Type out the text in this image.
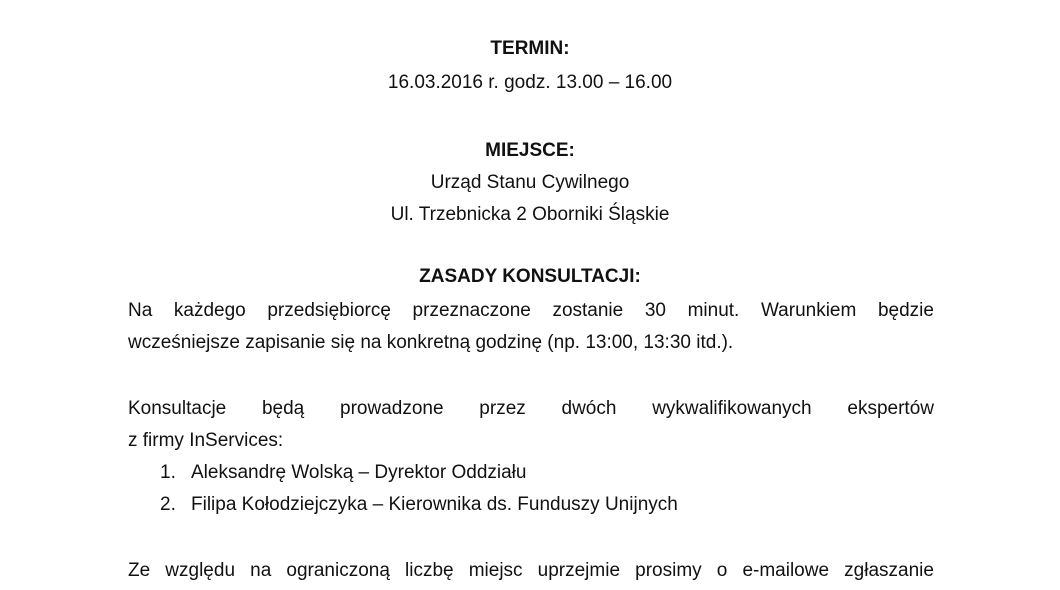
TERMIN:
16.03.2016 r. godz. 13.00 – 16.00
MIEJSCE:
Urząd Stanu Cywilnego
Ul. Trzebnicka 2 Oborniki Śląskie
ZASADY KONSULTACJI:
Na każdego przedsiębiorcę przeznaczone zostanie 30 minut. Warunkiem będzie
wcześniejsze zapisanie się na konkretną godzinę (np. 13:00, 13:30 itd.).
Konsultacje będą prowadzone przez dwóch wykwalifikowanych ekspertów
z firmy InServices:
1. Aleksandrę Wolską – Dyrektor Oddziału
2. Filipa Kołodziejczyka – Kierownika ds. Funduszy Unijnych
Ze względu na ograniczoną liczbę miejsc uprzejmie prosimy o e-mailowe zgłaszanie
